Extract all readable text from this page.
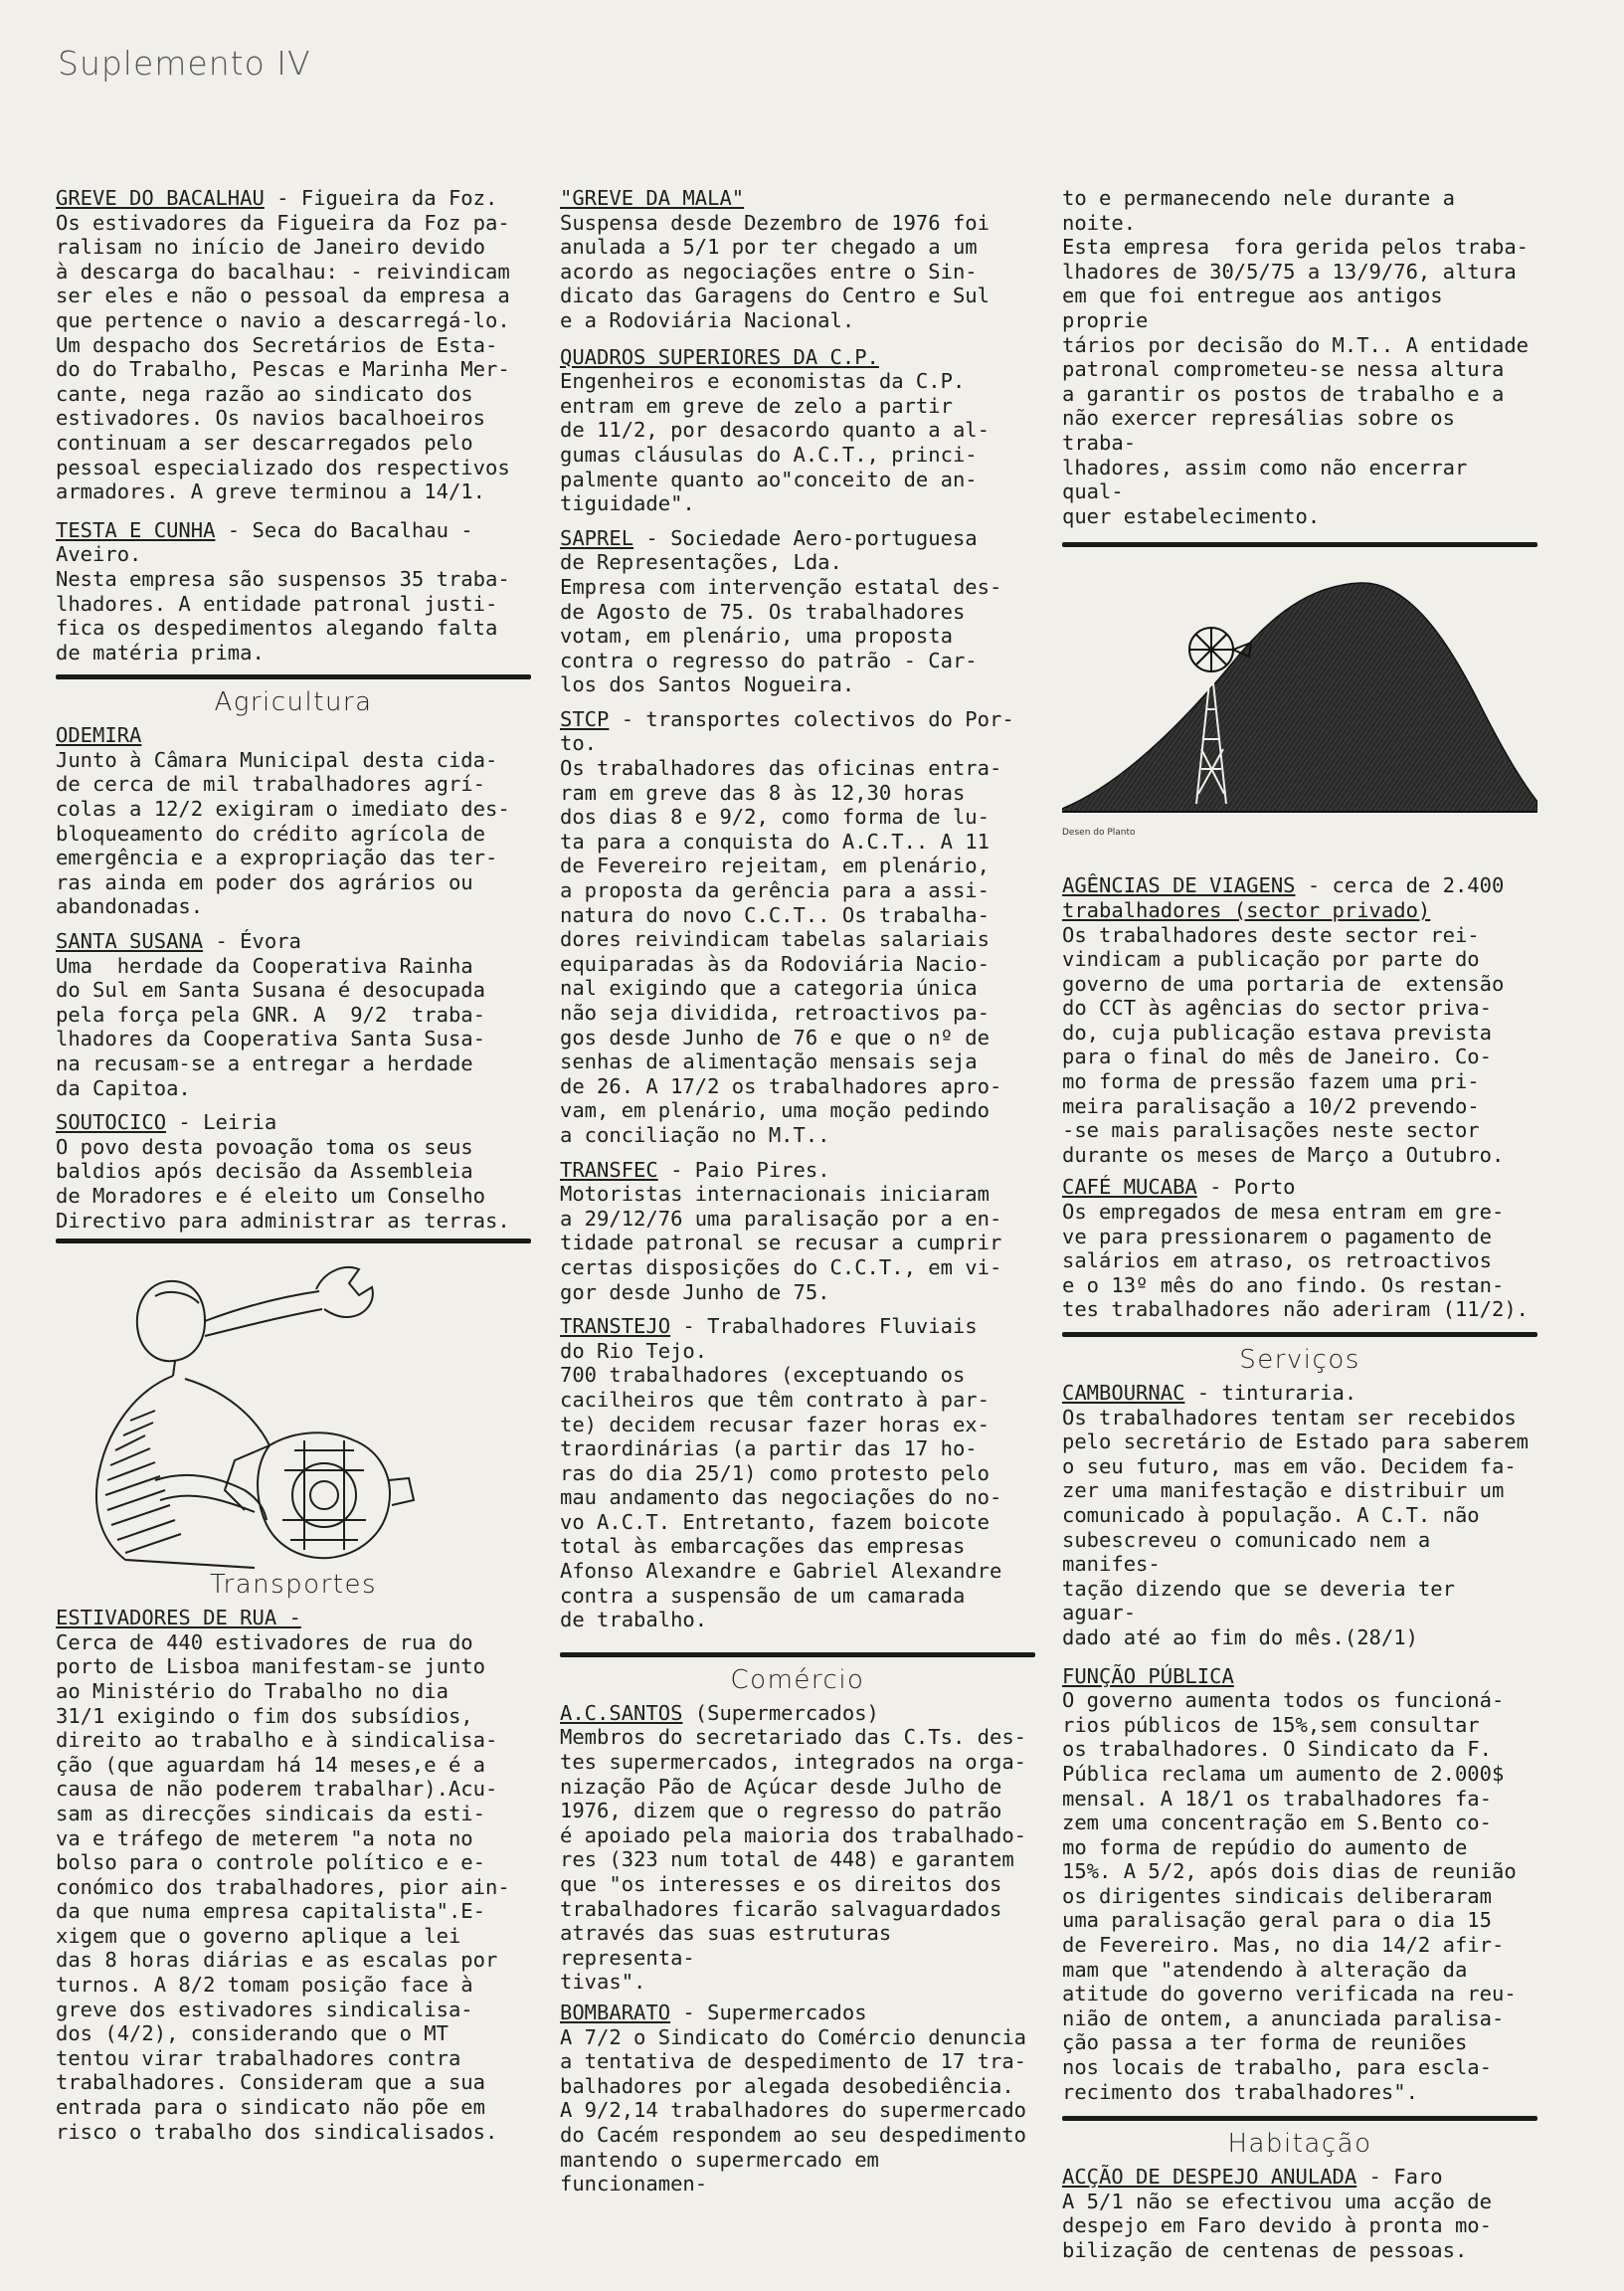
Suplemento IV

GREVE DO BACALHAU - Figueira da Foz.

Os estivadores da Figueira da Foz pa-
ralisam no início de Janeiro devido
à descarga do bacalhau: - reivindicam
ser eles e não o pessoal da empresa a
que pertence o navio a descarregá-lo.
Um despacho dos Secretários de Esta-
do do Trabalho, Pescas e Marinha Mer-
cante, nega razão ao sindicato dos
estivadores. Os navios bacalhoeiros
continuam a ser descarregados pelo
pessoal especializado dos respectivos
armadores. A greve terminou a 14/1.

TESTA E CUNHA - Seca do Bacalhau -
Aveiro.

Nesta empresa são suspensos 35 traba-
lhadores. A entidade patronal justi-
fica os despedimentos alegando falta
de matéria prima.

Agricultura

ODEMIRA

Junto à Câmara Municipal desta cida-
de cerca de mil trabalhadores agrí-
colas a 12/2 exigiram o imediato des-
bloqueamento do crédito agrícola de
emergência e a expropriação das ter-
ras ainda em poder dos agrários ou
abandonadas.

SANTA SUSANA - Évora

Uma  herdade da Cooperativa Rainha
do Sul em Santa Susana é desocupada
pela força pela GNR. A  9/2  traba-
lhadores da Cooperativa Santa Susa-
na recusam-se a entregar a herdade
da Capitoa.

SOUTOCICO - Leiria

O povo desta povoação toma os seus
baldios após decisão da Assembleia
de Moradores e é eleito um Conselho
Directivo para administrar as terras.

Transportes

ESTIVADORES DE RUA -

Cerca de 440 estivadores de rua do
porto de Lisboa manifestam-se junto
ao Ministério do Trabalho no dia
31/1 exigindo o fim dos subsídios,
direito ao trabalho e à sindicalisa-
ção (que aguardam há 14 meses,e é a
causa de não poderem trabalhar).Acu-
sam as direcções sindicais da esti-
va e tráfego de meterem "a nota no
bolso para o controle político e e-
conómico dos trabalhadores, pior ain-
da que numa empresa capitalista".E-
xigem que o governo aplique a lei
das 8 horas diárias e as escalas por
turnos. A 8/2 tomam posição face à
greve dos estivadores sindicalisa-
dos (4/2), considerando que o MT
tentou virar trabalhadores contra
trabalhadores. Consideram que a sua
entrada para o sindicato não põe em
risco o trabalho dos sindicalisados.

"GREVE DA MALA"

Suspensa desde Dezembro de 1976 foi
anulada a 5/1 por ter chegado a um
acordo as negociações entre o Sin-
dicato das Garagens do Centro e Sul
e a Rodoviária Nacional.

QUADROS SUPERIORES DA C.P.

Engenheiros e economistas da C.P.

entram em greve de zelo a partir
de 11/2, por desacordo quanto a al-
gumas cláusulas do A.C.T., princi-
palmente quanto ao"conceito de an-
tiguidade".

SAPREL - Sociedade Aero-portuguesa
de Representações, Lda.

Empresa com intervenção estatal des-
de Agosto de 75. Os trabalhadores
votam, em plenário, uma proposta
contra o regresso do patrão - Car-
los dos Santos Nogueira.

STCP - transportes colectivos do Por-
to.

Os trabalhadores das oficinas entra-
ram em greve das 8 às 12,30 horas
dos dias 8 e 9/2, como forma de lu-
ta para a conquista do A.C.T.. A 11
de Fevereiro rejeitam, em plenário,
a proposta da gerência para a assi-
natura do novo C.C.T.. Os trabalha-
dores reivindicam tabelas salariais
equiparadas às da Rodoviária Nacio-
nal exigindo que a categoria única
não seja dividida, retroactivos pa-
gos desde Junho de 76 e que o nº de
senhas de alimentação mensais seja
de 26. A 17/2 os trabalhadores apro-
vam, em plenário, uma moção pedindo
a conciliação no M.T..

TRANSFEC - Paio Pires.

Motoristas internacionais iniciaram
a 29/12/76 uma paralisação por a en-
tidade patronal se recusar a cumprir
certas disposições do C.C.T., em vi-
gor desde Junho de 75.

TRANSTEJO - Trabalhadores Fluviais
do Rio Tejo.

700 trabalhadores (exceptuando os
cacilheiros que têm contrato à par-
te) decidem recusar fazer horas ex-
traordinárias (a partir das 17 ho-
ras do dia 25/1) como protesto pelo
mau andamento das negociações do no-
vo A.C.T. Entretanto, fazem boicote
total às embarcações das empresas
Afonso Alexandre e Gabriel Alexandre
contra a suspensão de um camarada
de trabalho.

Comércio

A.C.SANTOS (Supermercados)

Membros do secretariado das C.Ts. des-
tes supermercados, integrados na orga-
nização Pão de Açúcar desde Julho de
1976, dizem que o regresso do patrão
é apoiado pela maioria dos trabalhado-
res (323 num total de 448) e garantem
que "os interesses e os direitos dos
trabalhadores ficarão salvaguardados
através das suas estruturas representa-
tivas".

BOMBARATO - Supermercados

A 7/2 o Sindicato do Comércio denuncia
a tentativa de despedimento de 17 tra-
balhadores por alegada desobediência.
A 9/2,14 trabalhadores do supermercado
do Cacém respondem ao seu despedimento
mantendo o supermercado em funcionamen-

to e permanecendo nele durante a noite.
Esta empresa  fora gerida pelos traba-
lhadores de 30/5/75 a 13/9/76, altura
em que foi entregue aos antigos proprie
tários por decisão do M.T.. A entidade
patronal comprometeu-se nessa altura
a garantir os postos de trabalho e a
não exercer represálias sobre os traba-
lhadores, assim como não encerrar qual-
quer estabelecimento.

Desen do Planto

AGÊNCIAS DE VIAGENS - cerca de 2.400

trabalhadores (sector privado)

Os trabalhadores deste sector rei-
vindicam a publicação por parte do
governo de uma portaria de  extensão
do CCT às agências do sector priva-
do, cuja publicação estava prevista
para o final do mês de Janeiro. Co-
mo forma de pressão fazem uma pri-
meira paralisação a 10/2 prevendo-
-se mais paralisações neste sector
durante os meses de Março a Outubro.

CAFÉ MUCABA - Porto

Os empregados de mesa entram em gre-
ve para pressionarem o pagamento de
salários em atraso, os retroactivos
e o 13º mês do ano findo. Os restan-
tes trabalhadores não aderiram (11/2).

Serviços

CAMBOURNAC - tinturaria.

Os trabalhadores tentam ser recebidos
pelo secretário de Estado para saberem
o seu futuro, mas em vão. Decidem fa-
zer uma manifestação e distribuir um
comunicado à população. A C.T. não
subescreveu o comunicado nem a manifes-
tação dizendo que se deveria ter aguar-
dado até ao fim do mês.(28/1)

FUNÇÃO PÚBLICA

O governo aumenta todos os funcioná-
rios públicos de 15%,sem consultar
os trabalhadores. O Sindicato da F.
Pública reclama um aumento de 2.000$
mensal. A 18/1 os trabalhadores fa-
zem uma concentração em S.Bento co-
mo forma de repúdio do aumento de
15%. A 5/2, após dois dias de reunião
os dirigentes sindicais deliberaram
uma paralisação geral para o dia 15
de Fevereiro. Mas, no dia 14/2 afir-
mam que "atendendo à alteração da
atitude do governo verificada na reu-
nião de ontem, a anunciada paralisa-
ção passa a ter forma de reuniões
nos locais de trabalho, para escla-
recimento dos trabalhadores".

Habitação

ACÇÃO DE DESPEJO ANULADA - Faro

A 5/1 não se efectivou uma acção de
despejo em Faro devido à pronta mo-
bilização de centenas de pessoas.
